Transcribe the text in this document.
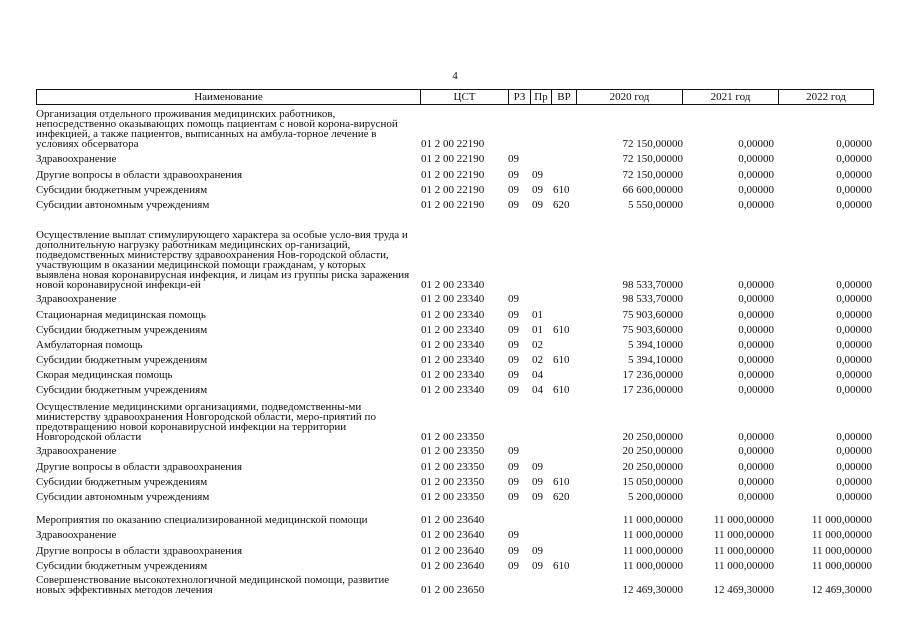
4
Наименование	ЦСТ	РЗ Пр ВР	2020 год	2021 год	2022 год
Организация отдельного проживания медицинских работников, непосредственно оказывающих помощь пациентам с новой корона-вирусной инфекцией, а также пациентов, выписанных на амбула-торное лечение в условиях обсерватора	01 2 00 22190	72 150,00000	0,00000	0,00000
Здравоохранение	01 2 00 22190 09	72 150,00000	0,00000	0,00000
Другие вопросы в области здравоохранения	01 2 00 22190 09 09	72 150,00000	0,00000	0,00000
Субсидии бюджетным учреждениям	01 2 00 22190 09 09 610	66 600,00000	0,00000	0,00000
Субсидии автономным учреждениям	01 2 00 22190 09 09 620	5 550,00000	0,00000	0,00000
Осуществление выплат стимулирующего характера за особые усло-вия труда и дополнительную нагрузку работникам медицинских ор-ганизаций, подведомственных министерству здравоохранения Нов-городской области, участвующим в оказании медицинской помощи гражданам, у которых выявлена новая коронавирусная инфекция, и лицам из группы риска заражения новой коронавирусной инфекци-ей	01 2 00 23340	98 533,70000	0,00000	0,00000
Здравоохранение	01 2 00 23340 09	98 533,70000	0,00000	0,00000
Стационарная медицинская помощь	01 2 00 23340 09 01	75 903,60000	0,00000	0,00000
Субсидии бюджетным учреждениям	01 2 00 23340 09 01 610	75 903,60000	0,00000	0,00000
Амбулаторная помощь	01 2 00 23340 09 02	5 394,10000	0,00000	0,00000
Субсидии бюджетным учреждениям	01 2 00 23340 09 02 610	5 394,10000	0,00000	0,00000
Скорая медицинская помощь	01 2 00 23340 09 04	17 236,00000	0,00000	0,00000
Субсидии бюджетным учреждениям	01 2 00 23340 09 04 610	17 236,00000	0,00000	0,00000
Осуществление медицинскими организациями, подведомственны-ми министерству здравоохранения Новгородской области, меро-приятий по предотвращению новой коронавирусной инфекции на территории Новгородской области	01 2 00 23350	20 250,00000	0,00000	0,00000
Здравоохранение	01 2 00 23350 09	20 250,00000	0,00000	0,00000
Другие вопросы в области здравоохранения	01 2 00 23350 09 09	20 250,00000	0,00000	0,00000
Субсидии бюджетным учреждениям	01 2 00 23350 09 09 610	15 050,00000	0,00000	0,00000
Субсидии автономным учреждениям	01 2 00 23350 09 09 620	5 200,00000	0,00000	0,00000
Мероприятия по оказанию специализированной медицинской помощи	01 2 00 23640	11 000,00000	11 000,00000	11 000,00000
Здравоохранение	01 2 00 23640 09	11 000,00000	11 000,00000	11 000,00000
Другие вопросы в области здравоохранения	01 2 00 23640 09 09	11 000,00000	11 000,00000	11 000,00000
Субсидии бюджетным учреждениям	01 2 00 23640 09 09 610	11 000,00000	11 000,00000	11 000,00000
Совершенствование высокотехнологичной медицинской помощи, развитие новых эффективных методов лечения	01 2 00 23650	12 469,30000	12 469,30000	12 469,30000
